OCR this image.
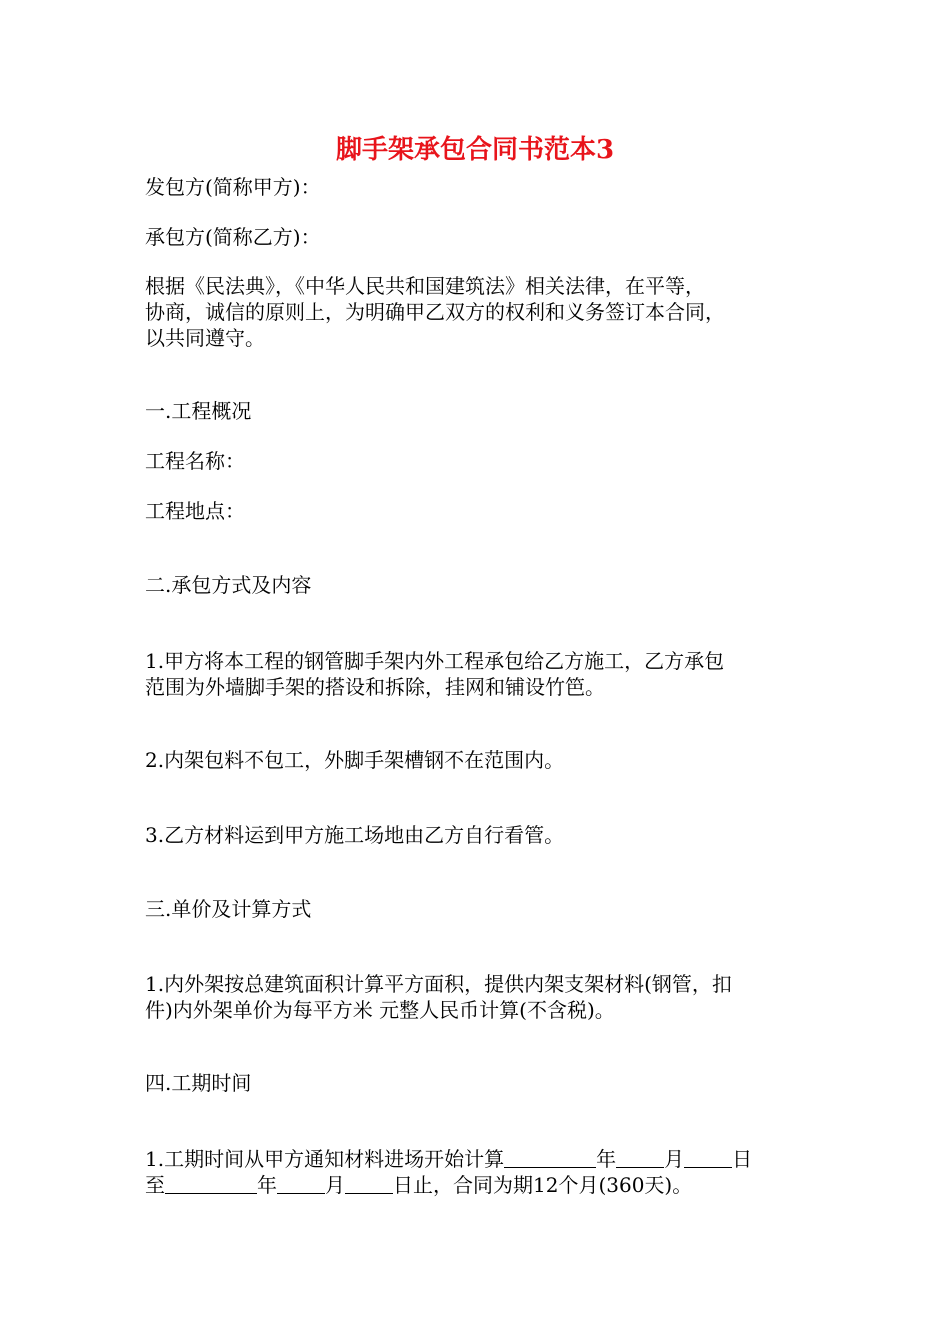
脚手架承包合同书范本3

发包方(简称甲方)：

承包方(简称乙方)：

根据《民法典》，《中华人民共和国建筑法》相关法律，在平等，
协商，诚信的原则上，为明确甲乙双方的权利和义务签订本合同，
以共同遵守。

一.工程概况

工程名称：

工程地点：

二.承包方式及内容

1.甲方将本工程的钢管脚手架内外工程承包给乙方施工，乙方承包
范围为外墙脚手架的搭设和拆除，挂网和铺设竹笆。

2.内架包料不包工，外脚手架槽钢不在范围内。

3.乙方材料运到甲方施工场地由乙方自行看管。

三.单价及计算方式

1.内外架按总建筑面积计算平方面积，提供内架支架材料(钢管，扣
件)内外架单价为每平方米 元整人民币计算(不含税)。

四.工期时间

1.工期时间从甲方通知材料进场开始计算	年 月 日
至	年 月 日止，合同为期12个月(360天)。
